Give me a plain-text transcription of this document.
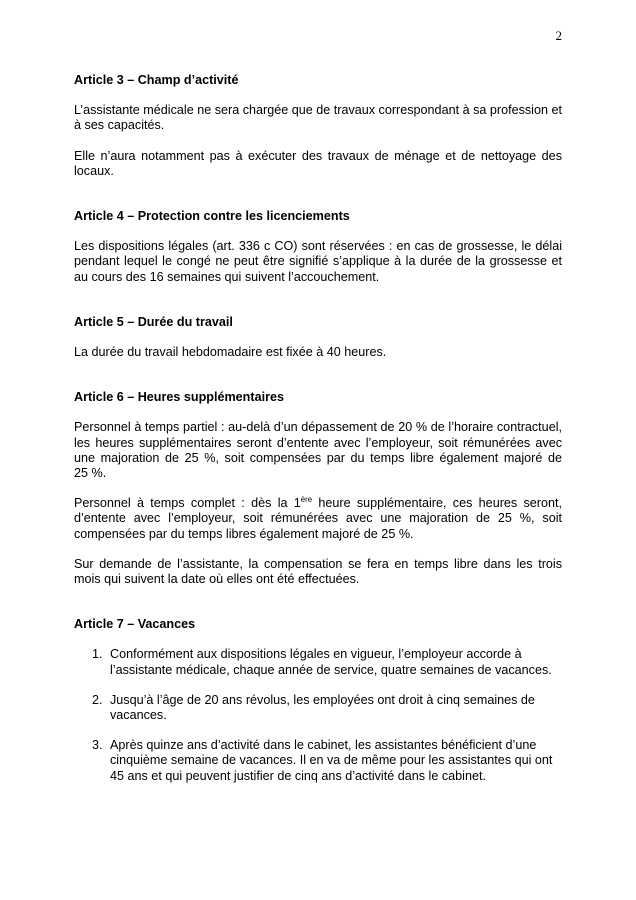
2
Article 3 – Champ d’activité

L’assistante médicale ne sera chargée que de travaux correspondant à sa profession et à ses capacités.

Elle n’aura notamment pas à exécuter des travaux de ménage et de nettoyage des locaux.

Article 4 – Protection contre les licenciements

Les dispositions légales (art. 336 c CO) sont réservées : en cas de grossesse, le délai pendant lequel le congé ne peut être signifié s’applique à la durée de la grossesse et au cours des 16 semaines qui suivent l’accouchement.

Article 5 – Durée du travail

La durée du travail hebdomadaire est fixée à 40 heures.

Article 6 – Heures supplémentaires

Personnel à temps partiel : au-delà d’un dépassement de 20 % de l’horaire contractuel, les heures supplémentaires seront d’entente avec l’employeur, soit rémunérées avec une majoration de 25 %, soit compensées par du temps libre également majoré de 25 %.

Personnel à temps complet : dès la 1ère heure supplémentaire, ces heures seront, d’entente avec l’employeur, soit rémunérées avec une majoration de 25 %, soit compensées par du temps libres également majoré de 25 %.

Sur demande de l’assistante, la compensation se fera en temps libre dans les trois mois qui suivent la date où elles ont été effectuées.

Article 7 – Vacances
1. Conformément aux dispositions légales en vigueur, l’employeur accorde à l’assistante médicale, chaque année de service, quatre semaines de vacances.
2. Jusqu’à l’âge de 20 ans révolus, les employées ont droit à cinq semaines de vacances.
3. Après quinze ans d’activité dans le cabinet, les assistantes bénéficient d’une cinquième semaine de vacances. Il en va de même pour les assistantes qui ont 45 ans et qui peuvent justifier de cinq ans d’activité dans le cabinet.
